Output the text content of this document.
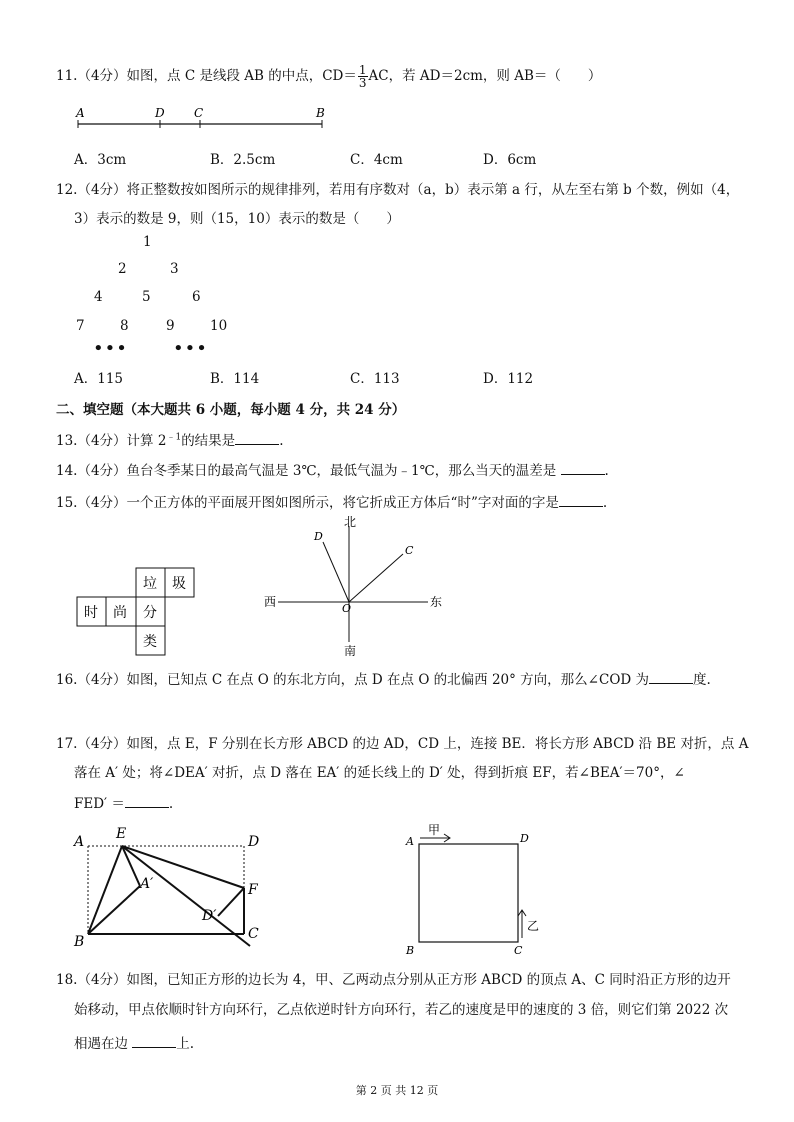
11.（4分）如图，点 C 是线段 AB 的中点，$CD= \frac{1}{3}$ AC，若 AD＝2cm，则 AB＝（　　）
A	D C	B
A．3cm	B．2.5cm	C．4cm	D．6cm
12.（4分）将正整数按如图所示的规律排列，若用有序数对（a，b）表示第 a 行，从左至右第 b 个数，例如（4，
3）表示的数是 9，则（15，10）表示的数是（　　）
1
2	3
4	5	6
7	8	9	10
•••	•••
A．115	B．114	C．113	D．112
二、填空题（本大题共 6 小题，每小题 4 分，共 24 分）
13.（4分）计算 $2^{﹣1}$的结果是	.
14.（4分）鱼台冬季某日的最高气温是 3℃，最低气温为﹣1℃，那么当天的温差是	.
15.（4分）一个正方体的平面展开图如图所示，将它折成正方体后“时”字对面的字是	.
垃 圾
时 尚 分
类
北
南
东
西	O
C
D
16.（4分）如图，已知点 C 在点 O 的东北方向，点 D 在点 O 的北偏西 20° 方向，那么∠COD 为	度.
17.（4分）如图，点 E，F 分别在长方形 ABCD 的边 AD，CD 上，连接 BE．将长方形 ABCD 沿 BE 对折，点 A
落在 A′ 处；将∠DEA′ 对折，点 D 落在 EA′ 的延长线上的 D′ 处，得到折痕 EF，若∠BEA′＝70°，∠
FED′ ＝	.
A E	D
A′	F
D′
B	C
A
甲
D
乙
B	C
18.（4分）如图，已知正方形的边长为 4，甲、乙两动点分别从正方形 ABCD 的顶点 A、C 同时沿正方形的边开
始移动，甲点依顺时针方向环行，乙点依逆时针方向环行，若乙的速度是甲的速度的 3 倍，则它们第 2022 次
相遇在边	上.
第 2 页 共 12 页
